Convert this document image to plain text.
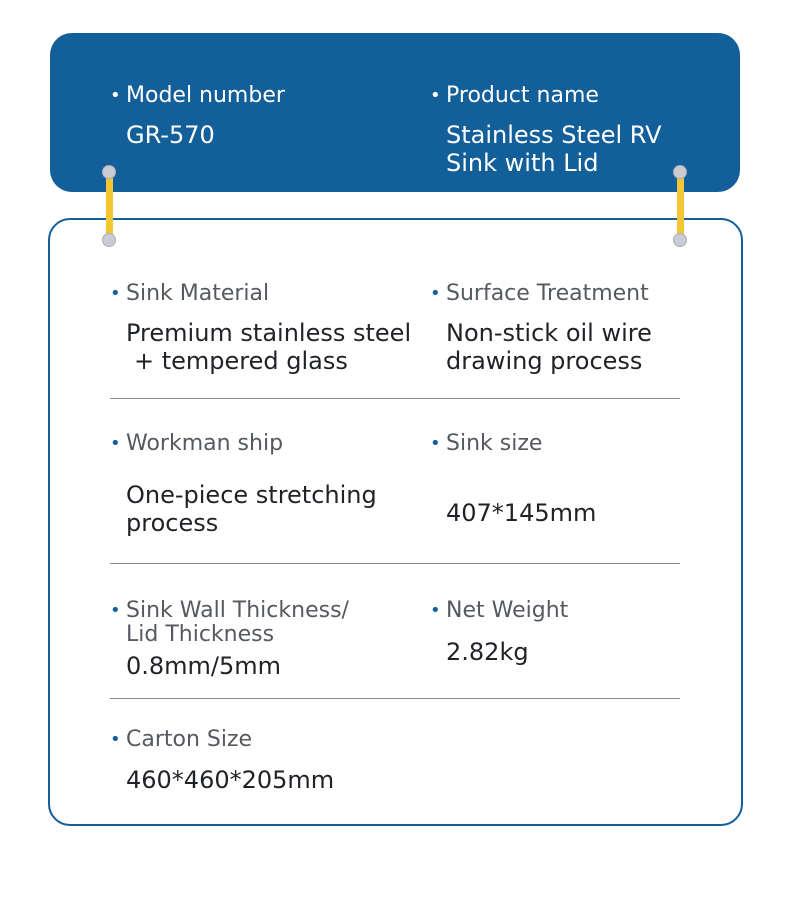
• Model number
GR-570
• Product name
Stainless Steel RV
Sink with Lid
• Sink Material
Premium stainless steel
+ tempered glass
• Surface Treatment
Non-stick oil wire
drawing process
• Workman ship
One-piece stretching
process
• Sink size
407*145mm
• Sink Wall Thickness/
Lid Thickness
0.8mm/5mm
• Net Weight
2.82kg
• Carton Size
460*460*205mm
